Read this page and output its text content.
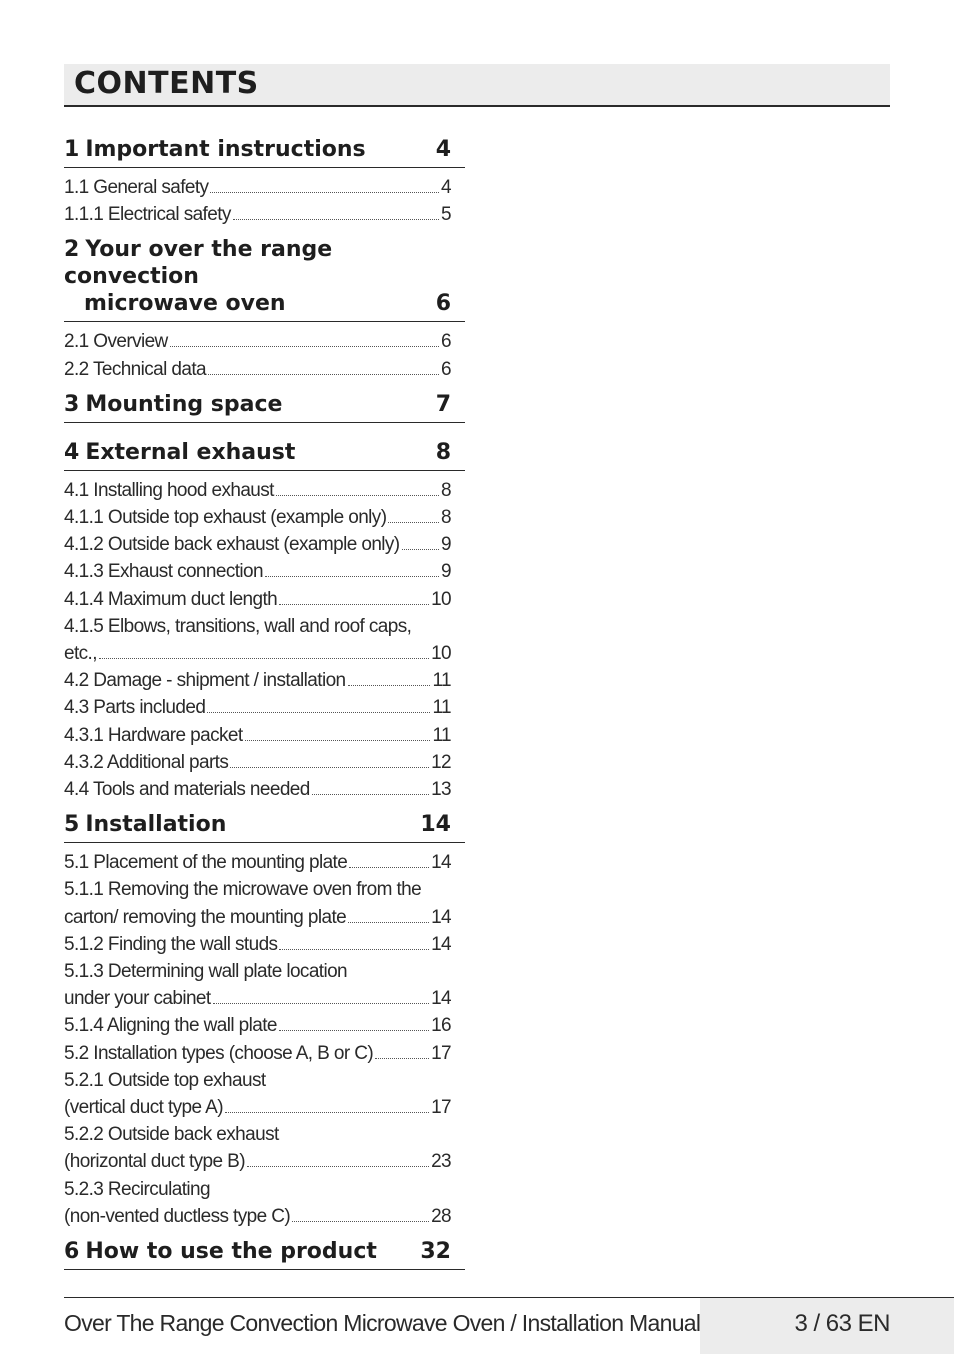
CONTENTS
1 Important instructions	4
1.1 General safety	4
1.1.1 Electrical safety	5
2 Your over the range convection
microwave oven	6
2.1 Overview	6
2.2 Technical data	6
3 Mounting space	7
4 External exhaust	8
4.1 Installing hood exhaust	8
4.1.1 Outside top exhaust (example only)	8
4.1.2 Outside back exhaust (example only) 9
4.1.3 Exhaust connection	9
4.1.4 Maximum duct length	10
4.1.5 Elbows, transitions, wall and roof caps,
etc.,	10
4.2 Damage - shipment / installation	11
4.3 Parts included	11
4.3.1 Hardware packet	11
4.3.2 Additional parts	12
4.4 Tools and materials needed	13
5 Installation	14
5.1 Placement of the mounting plate	14
5.1.1 Removing the microwave oven from the
carton/ removing the mounting plate	14
5.1.2 Finding the wall studs	14
5.1.3 Determining wall plate location
under your cabinet	14
5.1.4 Aligning the wall plate	16
5.2 Installation types (choose A, B or C)	17
5.2.1 Outside top exhaust
(vertical duct type A)	17
5.2.2 Outside back exhaust
(horizontal duct type B)	23
5.2.3 Recirculating
(non-vented ductless type C)	28
6 How to use the product 32
Over The Range Convection Microwave Oven / Installation Manual	3 / 63 EN
